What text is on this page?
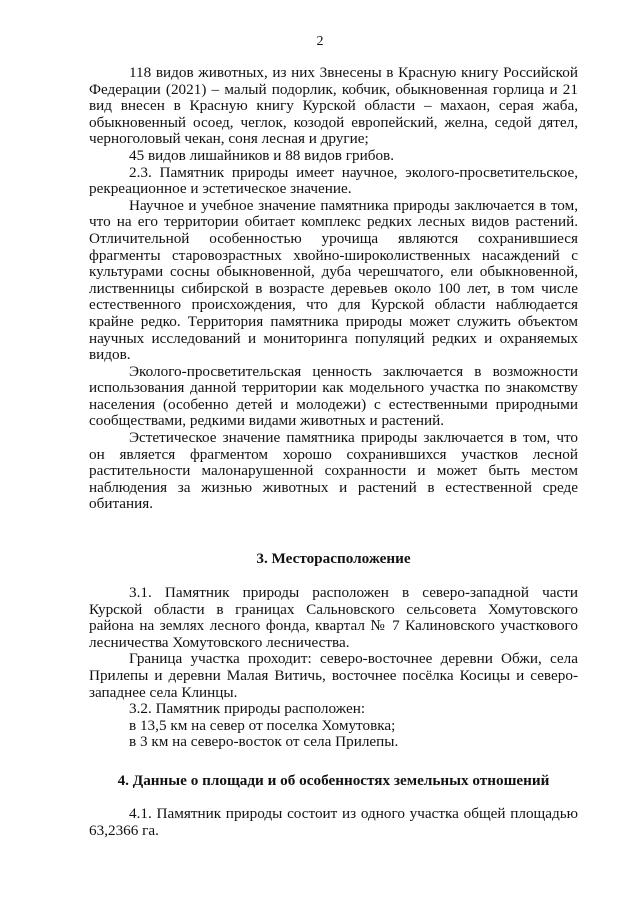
2

118 видов животных, из них 3внесены в Красную книгу Российской Федерации (2021) – малый подорлик, кобчик, обыкновенная горлица и 21 вид внесен в Красную книгу Курской области – махаон, серая жаба, обыкновенный осоед, чеглок, козодой европейский, желна, седой дятел, черноголовый чекан, соня лесная и другие;

45 видов лишайников и 88 видов грибов.

2.3. Памятник природы имеет научное, эколого-просветительское, рекреационное и эстетическое значение.

Научное и учебное значение памятника природы заключается в том, что на его территории обитает комплекс редких лесных видов растений. Отличительной особенностью урочища являются сохранившиеся фрагменты старовозрастных хвойно-широколиственных насаждений с культурами сосны обыкновенной, дуба черешчатого, ели обыкновенной, лиственницы сибирской в возрасте деревьев около 100 лет, в том числе естественного происхождения, что для Курской области наблюдается крайне редко. Территория памятника природы может служить объектом научных исследований и мониторинга популяций редких и охраняемых видов.

Эколого-просветительская ценность заключается в возможности использования данной территории как модельного участка по знакомству населения (особенно детей и молодежи) с естественными природными сообществами, редкими видами животных и растений.

Эстетическое значение памятника природы заключается в том, что он является фрагментом хорошо сохранившихся участков лесной растительности малонарушенной сохранности и может быть местом наблюдения за жизнью животных и растений в естественной среде обитания.

3. Месторасположение

3.1. Памятник природы расположен в северо-западной части Курской области в границах Сальновского сельсовета Хомутовского района на землях лесного фонда, квартал № 7 Калиновского участкового лесничества Хомутовского лесничества.

Граница участка проходит: северо-восточнее деревни Обжи, села Прилепы и деревни Малая Витичь, восточнее посёлка Косицы и северо-западнее села Клинцы.

3.2. Памятник природы расположен:

в 13,5 км на север от поселка Хомутовка;

в 3 км на северо-восток от села Прилепы.

4. Данные о площади и об особенностях земельных отношений

4.1. Памятник природы состоит из одного участка общей площадью 63,2366 га.
